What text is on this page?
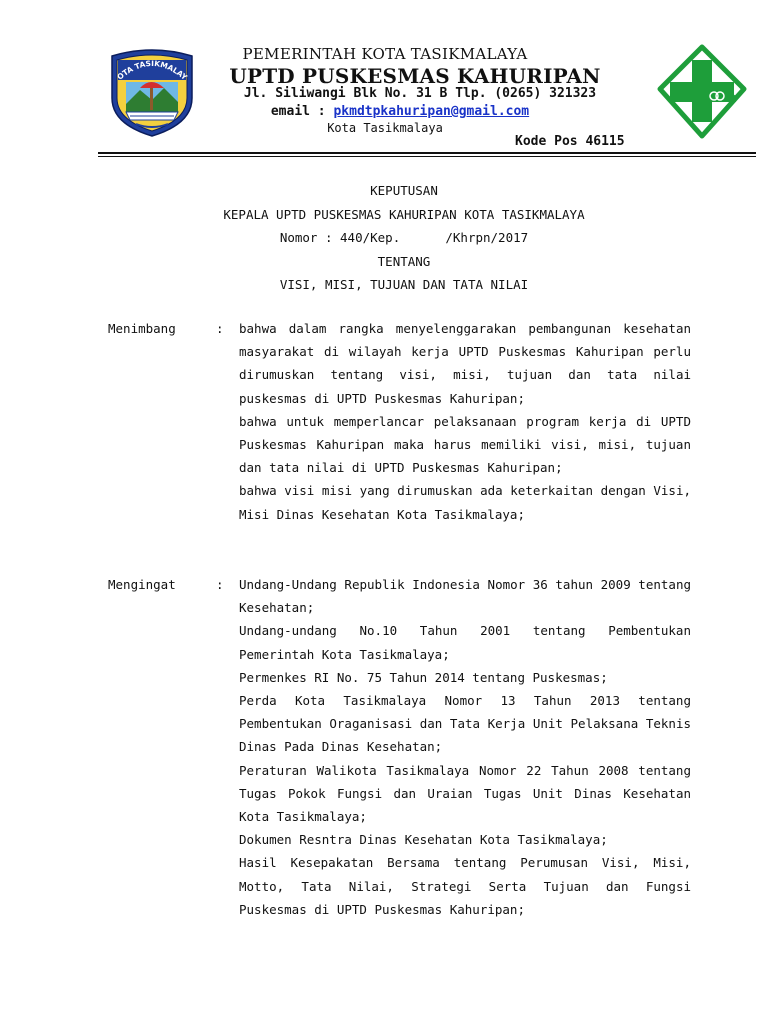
OTA TASIKMALAY
PEMERINTAH KOTA TASIKMALAYA
UPTD PUSKESMAS KAHURIPAN
Jl. Siliwangi Blk No. 31 B Tlp. (0265) 321323
email : pkmdtpkahuripan@gmail.com
Kota Tasikmalaya
Kode Pos 46115
KEPUTUSAN
KEPALA UPTD PUSKESMAS KAHURIPAN KOTA TASIKMALAYA
Nomor : 440/Kep.      /Khrpn/2017
TENTANG
VISI, MISI, TUJUAN DAN TATA NILAI
Menimbang	: bahwa dalam rangka menyelenggarakan pembangunan kesehatan masyarakat di wilayah kerja UPTD Puskesmas Kahuripan perlu dirumuskan tentang visi, misi, tujuan dan tata nilai puskesmas di UPTD Puskesmas Kahuripan;

bahwa untuk memperlancar pelaksanaan program kerja di UPTD Puskesmas Kahuripan maka harus memiliki visi, misi, tujuan dan tata nilai di UPTD Puskesmas Kahuripan;

bahwa visi misi yang dirumuskan ada keterkaitan dengan Visi, Misi Dinas Kesehatan Kota Tasikmalaya;

Mengingat	: Undang-Undang Republik Indonesia Nomor 36 tahun 2009 tentang Kesehatan;

Undang-undang No.10 Tahun 2001 tentang Pembentukan Pemerintah Kota Tasikmalaya;

Permenkes RI No. 75 Tahun 2014 tentang Puskesmas;

Perda Kota Tasikmalaya Nomor 13 Tahun 2013 tentang Pembentukan Oraganisasi dan Tata Kerja Unit Pelaksana Teknis Dinas Pada Dinas Kesehatan;

Peraturan Walikota Tasikmalaya Nomor 22 Tahun 2008 tentang Tugas Pokok Fungsi dan Uraian Tugas Unit Dinas Kesehatan Kota Tasikmalaya;

Dokumen Resntra Dinas Kesehatan Kota Tasikmalaya;

Hasil Kesepakatan Bersama tentang Perumusan Visi, Misi, Motto, Tata Nilai, Strategi Serta Tujuan dan Fungsi Puskesmas di UPTD Puskesmas Kahuripan;
